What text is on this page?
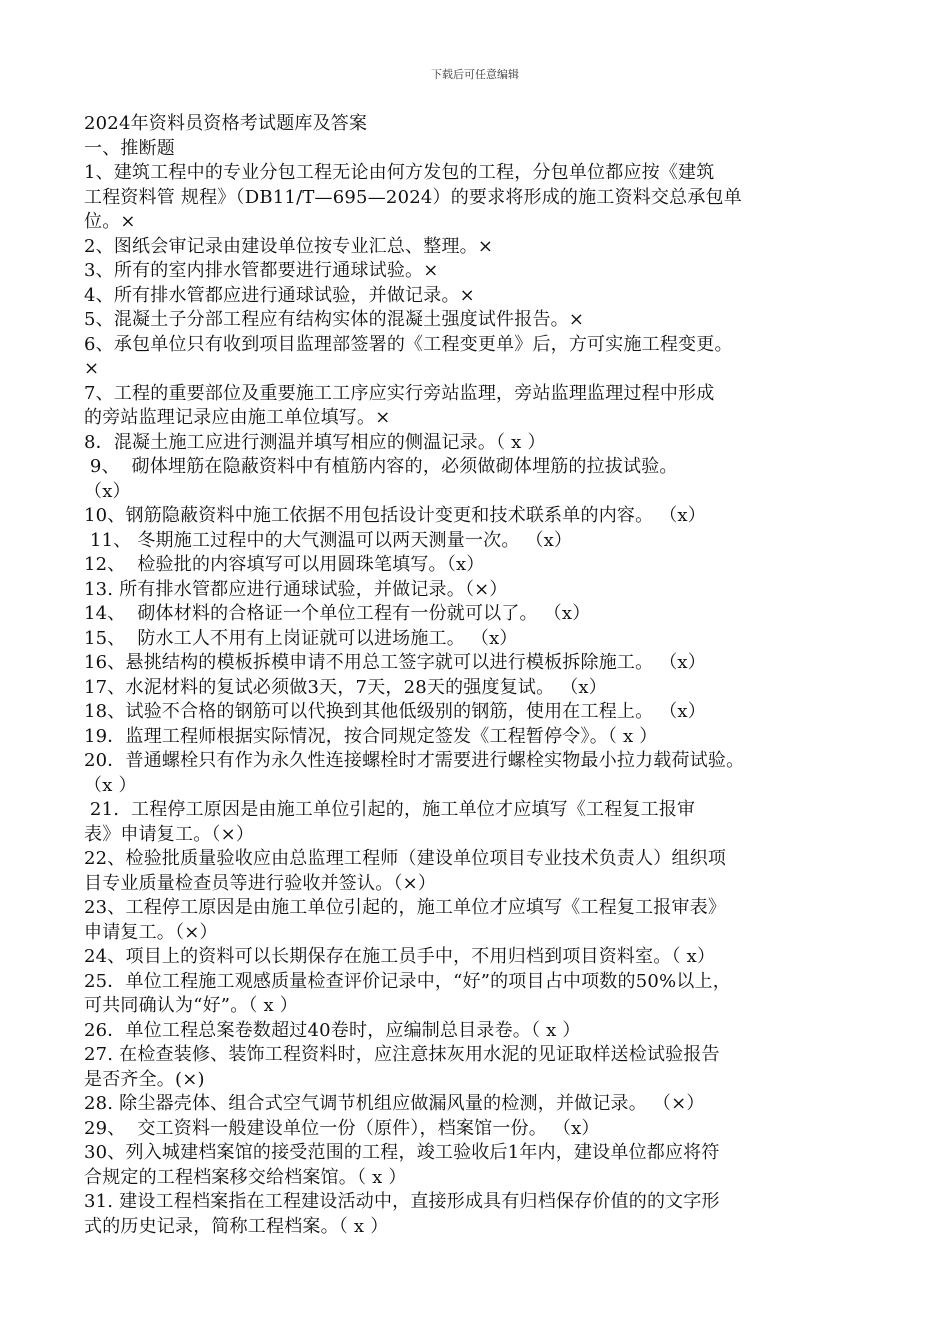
下载后可任意编辑
2024年资料员资格考试题库及答案
一、推断题
1、建筑工程中的专业分包工程无论由何方发包的工程，分包单位都应按《建筑
工程资料管 规程》（DB11/T—695—2024）的要求将形成的施工资料交总承包单
位。×
2、图纸会审记录由建设单位按专业汇总、整理。×
3、所有的室内排水管都要进行通球试验。×
4、所有排水管都应进行通球试验，并做记录。×
5、混凝土子分部工程应有结构实体的混凝土强度试件报告。×
6、承包单位只有收到项目监理部签署的《工程变更单》后，方可实施工程变更。
×
7、工程的重要部位及重要施工工序应实行旁站监理，旁站监理监理过程中形成
的旁站监理记录应由施工单位填写。×
8．混凝土施工应进行测温并填写相应的侧温记录。（ x ）
9、  砌体埋筋在隐蔽资料中有植筋内容的，必须做砌体埋筋的拉拔试验。
（x）
10、钢筋隐蔽资料中施工依据不用包括设计变更和技术联系单的内容。 （x）
11、 冬期施工过程中的大气测温可以两天测量一次。 （x）
12、  检验批的内容填写可以用圆珠笔填写。（x）
13. 所有排水管都应进行通球试验，并做记录。（×）
14、  砌体材料的合格证一个单位工程有一份就可以了。 （x）
15、  防水工人不用有上岗证就可以进场施工。 （x）
16、悬挑结构的模板拆模申请不用总工签字就可以进行模板拆除施工。 （x）
17、水泥材料的复试必须做3天，7天，28天的强度复试。 （x）
18、试验不合格的钢筋可以代换到其他低级别的钢筋，使用在工程上。 （x）
19．监理工程师根据实际情况，按合同规定签发《工程暂停令》。（ x ）
20．普通螺栓只有作为永久性连接螺栓时才需要进行螺栓实物最小拉力载荷试验。
（x ）
21.  工程停工原因是由施工单位引起的，施工单位才应填写《工程复工报审
表》申请复工。（×）
22、检验批质量验收应由总监理工程师（建设单位项目专业技术负责人）组织项
目专业质量检查员等进行验收并签认。（×）
23、工程停工原因是由施工单位引起的，施工单位才应填写《工程复工报审表》
申请复工。（×）
24、项目上的资料可以长期保存在施工员手中，不用归档到项目资料室。（ x）
25．单位工程施工观感质量检查评价记录中，“好”的项目占中项数的50%以上，
可共同确认为“好”。（ x ）
26．单位工程总案卷数超过40卷时，应编制总目录卷。（ x ）
27. 在检查装修、装饰工程资料时，应注意抹灰用水泥的见证取样送检试验报告
是否齐全。(×)
28. 除尘器壳体、组合式空气调节机组应做漏风量的检测，并做记录。 （×）
29、  交工资料一般建设单位一份（原件），档案馆一份。 （x）
30、列入城建档案馆的接受范围的工程，竣工验收后1年内，建设单位都应将符
合规定的工程档案移交给档案馆。（ x ）
31. 建设工程档案指在工程建设活动中，直接形成具有归档保存价值的的文字形
式的历史记录，简称工程档案。（ x ）
